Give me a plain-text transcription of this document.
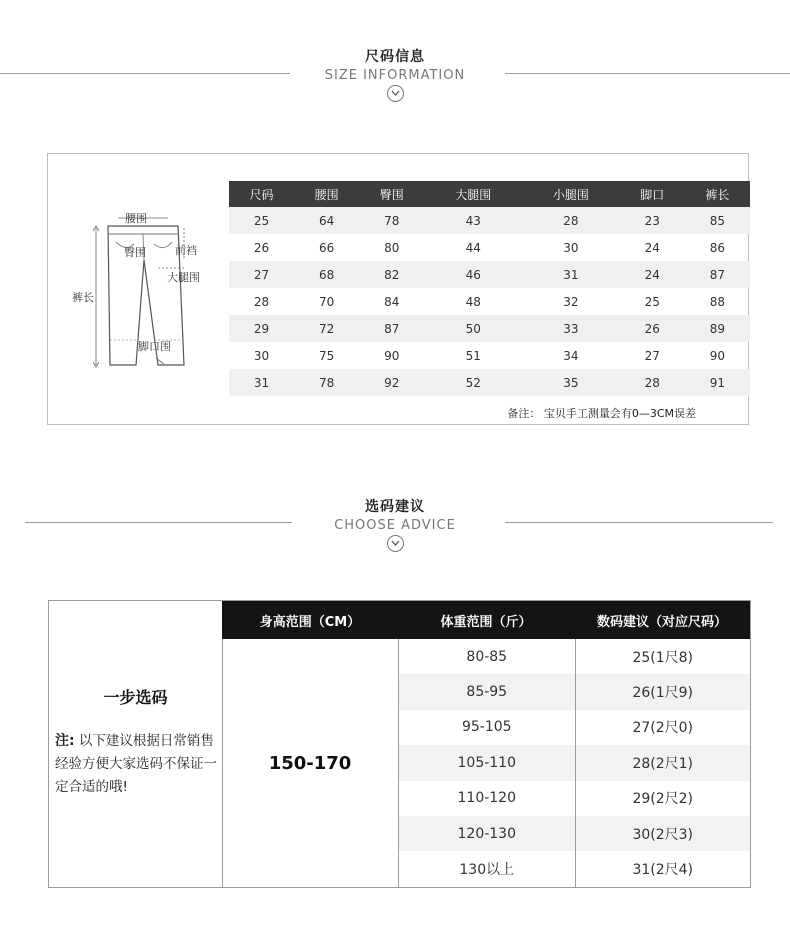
尺码信息
SIZE INFORMATION
腰围
臀围	前裆
大腿围
裤长
脚口围
尺码	腰围	臀围	大腿围	小腿围	脚口	裤长
25	64	78	43	28	23	85
26	66	80	44	30	24	86
27	68	82	46	31	24	87
28	70	84	48	32	25	88
29	72	87	50	33	26	89
30	75	90	51	34	27	90
31	78	92	52	35	28	91
备注： 宝贝手工测量会有0—3CM误差
选码建议
CHOOSE ADVICE
一步选码
注: 以下建议根据日常销售经验方便大家选码不保证一定合适的哦!
身高范围（CM）	体重范围（斤）	数码建议（对应尺码）
150-170
80-85	25(1尺8)
85-95	26(1尺9)
95-105	27(2尺0)
105-110	28(2尺1)
110-120	29(2尺2)
120-130	30(2尺3)
130以上	31(2尺4)
